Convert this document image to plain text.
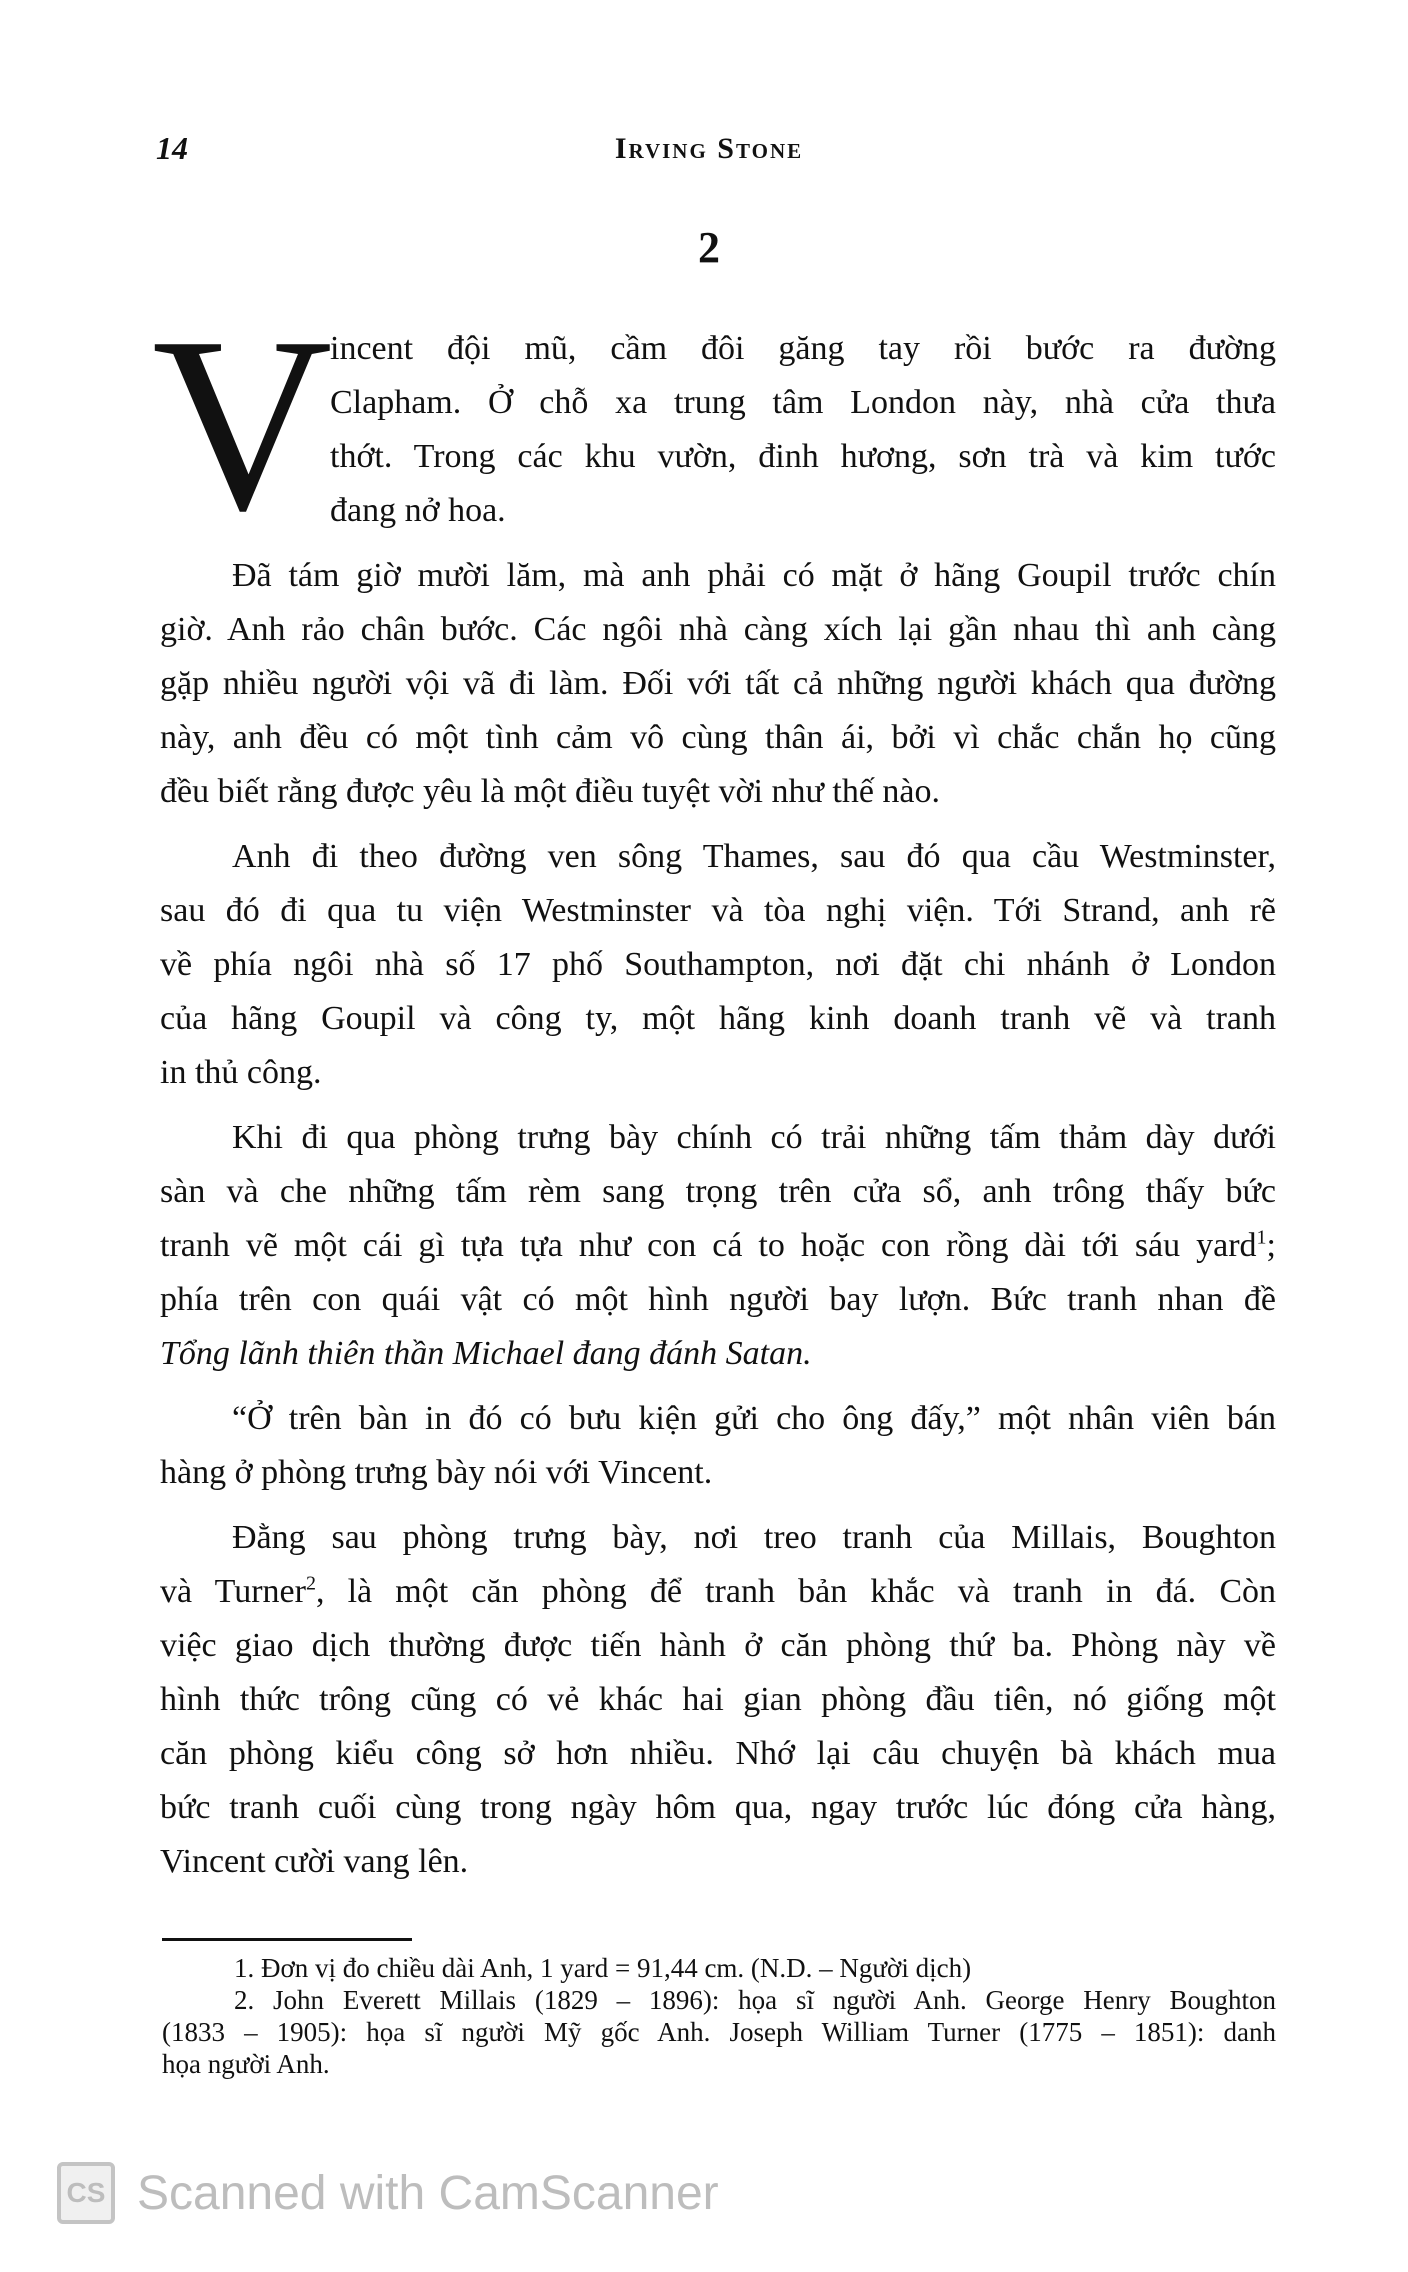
14	Irving Stone
2
V
incent đội mũ, cầm đôi găng tay rồi bước ra đường
Clapham. Ở chỗ xa trung tâm London này, nhà cửa thưa
thớt. Trong các khu vườn, đinh hương, sơn trà và kim tước
đang nở hoa.
Đã tám giờ mười lăm, mà anh phải có mặt ở hãng Goupil trước chín
giờ. Anh rảo chân bước. Các ngôi nhà càng xích lại gần nhau thì anh càng
gặp nhiều người vội vã đi làm. Đối với tất cả những người khách qua đường
này, anh đều có một tình cảm vô cùng thân ái, bởi vì chắc chắn họ cũng
đều biết rằng được yêu là một điều tuyệt vời như thế nào.
Anh đi theo đường ven sông Thames, sau đó qua cầu Westminster,
sau đó đi qua tu viện Westminster và tòa nghị viện. Tới Strand, anh rẽ
về phía ngôi nhà số 17 phố Southampton, nơi đặt chi nhánh ở London
của hãng Goupil và công ty, một hãng kinh doanh tranh vẽ và tranh
in thủ công.
Khi đi qua phòng trưng bày chính có trải những tấm thảm dày dưới
sàn và che những tấm rèm sang trọng trên cửa sổ, anh trông thấy bức
tranh vẽ một cái gì tựa tựa như con cá to hoặc con rồng dài tới sáu yard$^1$;
phía trên con quái vật có một hình người bay lượn. Bức tranh nhan đề
Tổng lãnh thiên thần Michael đang đánh Satan.
“Ở trên bàn in đó có bưu kiện gửi cho ông đấy,” một nhân viên bán
hàng ở phòng trưng bày nói với Vincent.
Đằng sau phòng trưng bày, nơi treo tranh của Millais, Boughton
và Turner$^2$, là một căn phòng để tranh bản khắc và tranh in đá. Còn
việc giao dịch thường được tiến hành ở căn phòng thứ ba. Phòng này về
hình thức trông cũng có vẻ khác hai gian phòng đầu tiên, nó giống một
căn phòng kiểu công sở hơn nhiều. Nhớ lại câu chuyện bà khách mua
bức tranh cuối cùng trong ngày hôm qua, ngay trước lúc đóng cửa hàng,
Vincent cười vang lên.
1. Đơn vị đo chiều dài Anh, 1 yard = 91,44 cm. (N.D. – Người dịch)
2. John Everett Millais (1829 – 1896): họa sĩ người Anh. George Henry Boughton
(1833 – 1905): họa sĩ người Mỹ gốc Anh. Joseph William Turner (1775 – 1851): danh
họa người Anh.
CS Scanned with CamScanner
